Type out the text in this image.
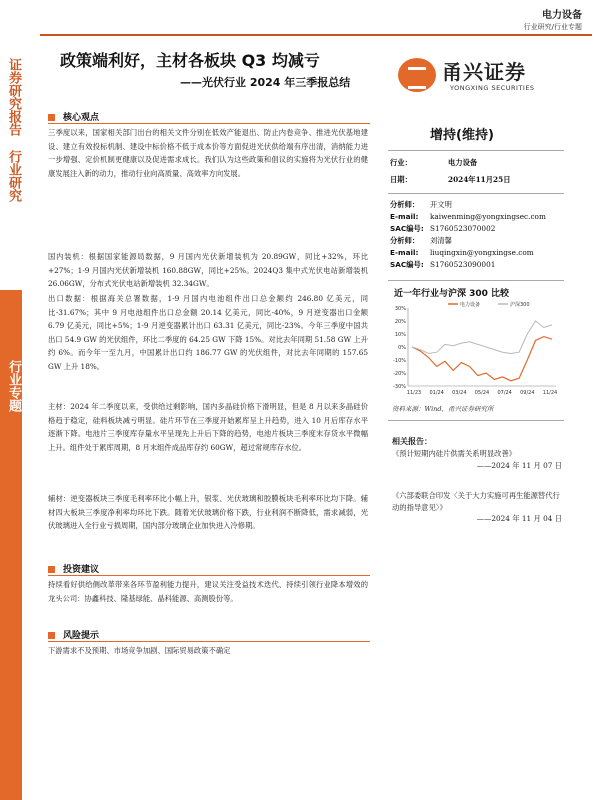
电力设备
行业研究/行业专题
证券研究报告
行业研究
行业专题
政策端利好，主材各板块 Q3 均减亏
——光伏行业 2024 年三季报总结	甬兴证券
YONGXING SECURITIES
核心观点
三季度以来，国家相关部门出台的相关文件分别在低效产能退出、防止内卷竞争、推进光伏基地建设、建立有效投标机制、建设中标价格不低于成本价等方面促进光伏供给端有序出清，消纳能力进一步增强、定价机制更健康以及促进需求成长。我们认为这些政策和倡议的实施将为光伏行业的健康发展注入新的动力，推动行业向高质量、高效率方向发展。
国内装机：根据国家能源局数据，9 月国内光伏新增装机为 20.89GW，同比+32%，环比+27%；1-9 月国内光伏新增装机 160.88GW，同比+25%。2024Q3 集中式光伏电站新增装机 26.06GW，分布式光伏电站新增装机 32.34GW。
出口数据：根据海关总署数据，1-9 月国内电池组件出口总金额约 246.80 亿美元，同比-31.67%；其中 9 月电池组件出口总金额 20.14 亿美元，同比-40%，9 月逆变器出口金额 6.79 亿美元，同比+5%；1-9 月逆变器累计出口 63.31 亿美元，同比-23%。今年三季度中国共出口 54.9 GW 的光伏组件，环比二季度的 64.25 GW 下降 15%。对比去年同期 51.58 GW 上升约 6%。而今年一至九月，中国累计出口约 186.77 GW 的光伏组件，对比去年同期的 157.65 GW 上升 18%。
主材：2024 年二季度以来，受供给过剩影响，国内多晶硅价格下滑明显，但是 8 月以来多晶硅价格趋于稳定，硅料板块减亏明显。硅片环节在三季度开始累库呈上升趋势，进入 10 月后库存水平逐渐下降。电池片三季度库存量水平呈现先上升后下降的趋势，电池片板块三季度末存货水平微幅上升。组件处于累库周期，8 月末组件成品库存约 60GW，超过常规库存水位。
辅材：逆变器板块三季度毛利率环比小幅上升，银浆、光伏玻璃和胶膜板块毛利率环比均下降。辅材四大板块三季度净利率均环比下跌。随着光伏玻璃价格下跌，行业利润不断降低，需求减弱，光伏玻璃进入全行业亏损周期，国内部分玻璃企业加快进入冷修期。
投资建议
持续看好供给侧改革带来各环节盈利能力提升，建议关注受益技术迭代、持续引领行业降本增效的龙头公司：协鑫科技、隆基绿能、晶科能源、高测股份等。
风险提示
下游需求不及预期、市场竞争加剧、国际贸易政策不确定
增持(维持)
行业：	电力设备
日期：	2024年11月25日
分析师： 开文明
E-mail: kaiwenming@yongxingsec.com
SAC编号: S1760523070002
分析师： 刘清馨
E-mail: liuqingxin@yongxingse.com
SAC编号: S1760523090001
近一年行业与沪深 300 比较
30%
20%
10%
0%
-10%
-20%
-30%
11/23 01/24 03/24 05/24 07/24 09/24 11/24
电力设备	沪深300
资料来源：Wind，甬兴证券研究所
相关报告：
《预计短期内硅片供需关系明显改善》
——2024 年 11 月 07 日
《六部委联合印发〈关于大力实施可再生能源替代行动的指导意见〉》
——2024 年 11 月 04 日
